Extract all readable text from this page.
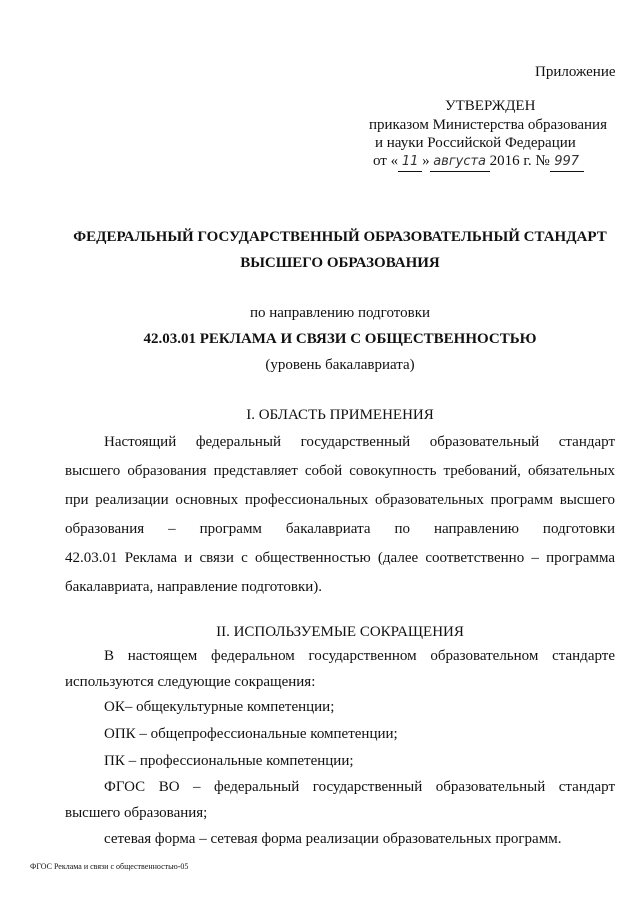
Приложение
УТВЕРЖДЕН
приказом Министерства образования
и науки Российской Федерации
от « 11 » августа 2016 г. № 997
ФЕДЕРАЛЬНЫЙ ГОСУДАРСТВЕННЫЙ ОБРАЗОВАТЕЛЬНЫЙ СТАНДАРТ
ВЫСШЕГО ОБРАЗОВАНИЯ
по направлению подготовки
42.03.01 РЕКЛАМА И СВЯЗИ С ОБЩЕСТВЕННОСТЬЮ
(уровень бакалавриата)
I. ОБЛАСТЬ ПРИМЕНЕНИЯ
Настоящий федеральный государственный образовательный стандарт
высшего образования представляет собой совокупность требований, обязательных
при реализации основных профессиональных образовательных программ высшего
образования – программ бакалавриата по направлению подготовки
42.03.01 Реклама и связи с общественностью (далее соответственно – программа
бакалавриата, направление подготовки).
II. ИСПОЛЬЗУЕМЫЕ СОКРАЩЕНИЯ
В настоящем федеральном государственном образовательном стандарте
используются следующие сокращения:
ОК– общекультурные компетенции;
ОПК – общепрофессиональные компетенции;
ПК – профессиональные компетенции;
ФГОС ВО – федеральный государственный образовательный стандарт
высшего образования;
сетевая форма – сетевая форма реализации образовательных программ.
ФГОС Реклама и связи с общественностью-05
